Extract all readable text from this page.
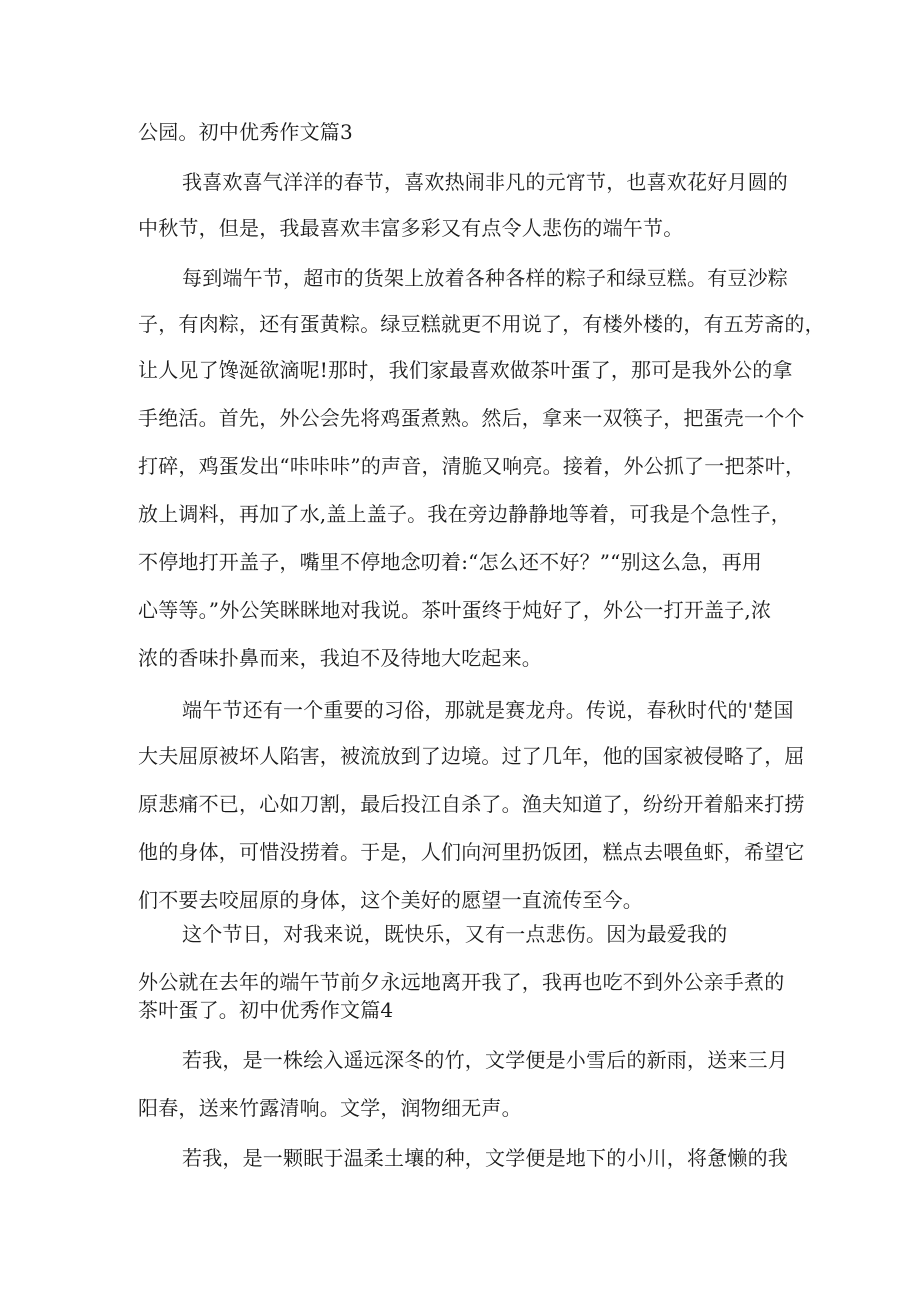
公园。初中优秀作文篇3
我喜欢喜气洋洋的春节，喜欢热闹非凡的元宵节，也喜欢花好月圆的
中秋节，但是，我最喜欢丰富多彩又有点令人悲伤的端午节。
每到端午节，超市的货架上放着各种各样的粽子和绿豆糕。有豆沙粽
子，有肉粽，还有蛋黄粽。绿豆糕就更不用说了，有楼外楼的，有五芳斋的，
让人见了馋涎欲滴呢!那时，我们家最喜欢做茶叶蛋了，那可是我外公的拿
手绝活。首先，外公会先将鸡蛋煮熟。然后，拿来一双筷子，把蛋壳一个个
打碎，鸡蛋发出“咔咔咔”的声音，清脆又响亮。接着，外公抓了一把茶叶，
放上调料，再加了水,盖上盖子。我在旁边静静地等着，可我是个急性子，
不停地打开盖子，嘴里不停地念叨着:“怎么还不好？”“别这么急，再用
心等等。”外公笑眯眯地对我说。茶叶蛋终于炖好了，外公一打开盖子,浓
浓的香味扑鼻而来，我迫不及待地大吃起来。
端午节还有一个重要的习俗，那就是赛龙舟。传说，春秋时代的'楚国
大夫屈原被坏人陷害，被流放到了边境。过了几年，他的国家被侵略了，屈
原悲痛不已，心如刀割，最后投江自杀了。渔夫知道了，纷纷开着船来打捞
他的身体，可惜没捞着。于是，人们向河里扔饭团，糕点去喂鱼虾，希望它
们不要去咬屈原的身体，这个美好的愿望一直流传至今。
这个节日，对我来说，既快乐，又有一点悲伤。因为最爱我的
外公就在去年的端午节前夕永远地离开我了，我再也吃不到外公亲手煮的
茶叶蛋了。初中优秀作文篇4
若我，是一株绘入遥远深冬的竹，文学便是小雪后的新雨，送来三月
阳春，送来竹露清响。文学，润物细无声。
若我，是一颗眠于温柔土壤的种，文学便是地下的小川，将惫懒的我
